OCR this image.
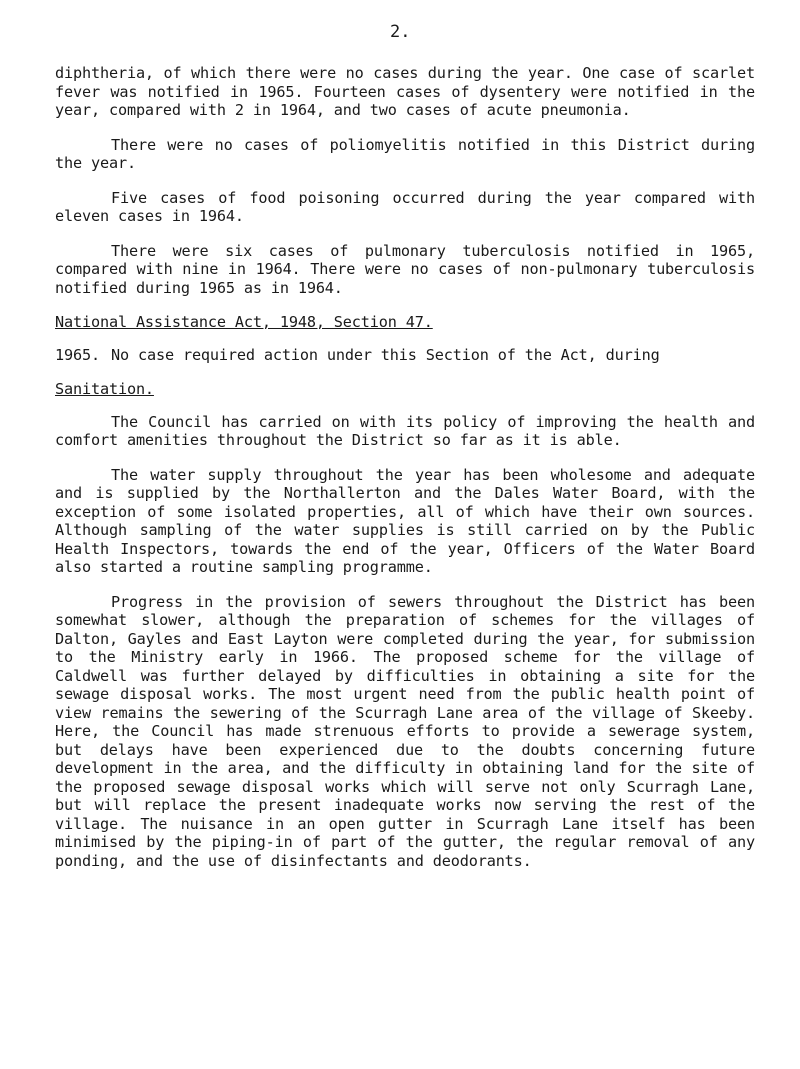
2.

diphtheria, of which there were no cases during the year. One case of scarlet fever was notified in 1965. Fourteen cases of dysentery were notified in the year, compared with 2 in 1964, and two cases of acute pneumonia.

There were no cases of poliomyelitis notified in this District during the year.

Five cases of food poisoning occurred during the year compared with eleven cases in 1964.

There were six cases of pulmonary tuberculosis notified in 1965, compared with nine in 1964. There were no cases of non-pulmonary tuberculosis notified during 1965 as in 1964.

National Assistance Act, 1948, Section 47.
1965. No case required action under this Section of the Act, during
Sanitation.

The Council has carried on with its policy of improving the health and comfort amenities throughout the District so far as it is able.

The water supply throughout the year has been wholesome and adequate and is supplied by the Northallerton and the Dales Water Board, with the exception of some isolated properties, all of which have their own sources. Although sampling of the water supplies is still carried on by the Public Health Inspectors, towards the end of the year, Officers of the Water Board also started a routine sampling programme.

Progress in the provision of sewers throughout the District has been somewhat slower, although the preparation of schemes for the villages of Dalton, Gayles and East Layton were completed during the year, for submission to the Ministry early in 1966. The proposed scheme for the village of Caldwell was further delayed by difficulties in obtaining a site for the sewage disposal works. The most urgent need from the public health point of view remains the sewering of the Scurragh Lane area of the village of Skeeby. Here, the Council has made strenuous efforts to provide a sewerage system, but delays have been experienced due to the doubts concerning future development in the area, and the difficulty in obtaining land for the site of the proposed sewage disposal works which will serve not only Scurragh Lane, but will replace the present inadequate works now serving the rest of the village. The nuisance in an open gutter in Scurragh Lane itself has been minimised by the piping-in of part of the gutter, the regular removal of any ponding, and the use of disinfectants and deodorants.
